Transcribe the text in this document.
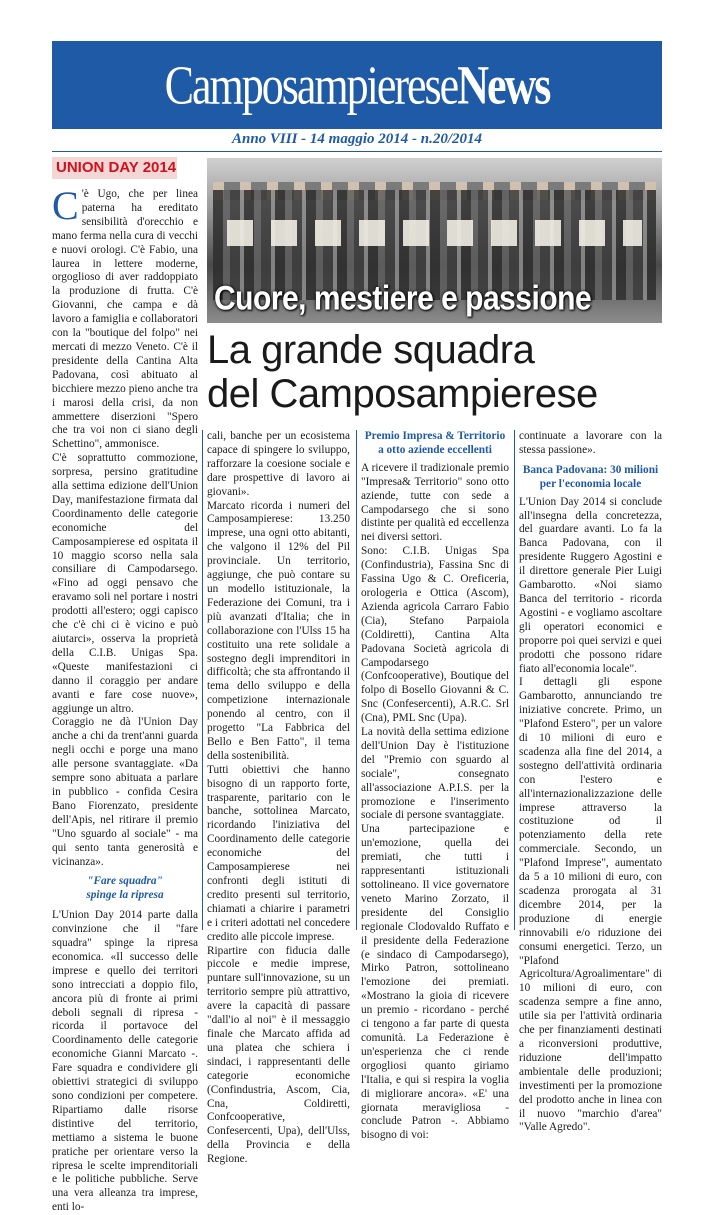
Camposampierese News
Anno VIII - 14 maggio 2014 - n.20/2014
UNION DAY 2014
Cuore, mestiere e passione
La grande squadra
del Camposampierese

C 'è Ugo, che per linea paterna ha ereditato sensibilità d'orecchio e mano ferma nella cura di vecchi e nuovi orologi. C'è Fabio, una laurea in lettere moderne, orgoglioso di aver raddoppiato la produzione di frutta. C'è Giovanni, che campa e dà lavoro a famiglia e collaboratori con la "boutique del folpo" nei mercati di mezzo Veneto. C'è il presidente della Cantina Alta Padovana, così abituato al bicchiere mezzo pieno anche tra i marosi della crisi, da non ammettere diserzioni "Spero che tra voi non ci siano degli Schettino", ammonisce.

C'è soprattutto commozione, sorpresa, persino gratitudine alla settima edizione dell'Union Day, manifestazione firmata dal Coordinamento delle categorie economiche del Camposampierese ed ospitata il 10 maggio scorso nella sala consiliare di Campodarsego. «Fino ad oggi pensavo che eravamo soli nel portare i nostri prodotti all'estero; oggi capisco che c'è chi ci è vicino e può aiutarci», osserva la proprietà della C.I.B. Unigas Spa. «Queste manifestazioni ci danno il coraggio per andare avanti e fare cose nuove», aggiunge un altro.

Coraggio ne dà l'Union Day anche a chi da trent'anni guarda negli occhi e porge una mano alle persone svantaggiate. «Da sempre sono abituata a parlare in pubblico - confida Cesira Bano Fiorenzato, presidente dell'Apis, nel ritirare il premio "Uno sguardo al sociale" - ma qui sento tanta generosità e vicinanza».

"Fare squadra"
spinge la ripresa

L'Union Day 2014 parte dalla convinzione che il "fare squadra" spinge la ripresa economica. «Il successo delle imprese e quello dei territori sono intrecciati a doppio filo, ancora più di fronte ai primi deboli segnali di ripresa - ricorda il portavoce del Coordinamento delle categorie economiche Gianni Marcato -. Fare squadra e condividere gli obiettivi strategici di sviluppo sono condizioni per competere. Ripartiamo dalle risorse distintive del territorio, mettiamo a sistema le buone pratiche per orientare verso la ripresa le scelte imprenditoriali e le politiche pubbliche. Serve una vera alleanza tra imprese, enti lo-

cali, banche per un ecosistema capace di spingere lo sviluppo, rafforzare la coesione sociale e dare prospettive di lavoro ai giovani».

Marcato ricorda i numeri del Camposampierese: 13.250 imprese, una ogni otto abitanti, che valgono il 12% del Pil provinciale. Un territorio, aggiunge, che può contare su un modello istituzionale, la Federazione dei Comuni, tra i più avanzati d'Italia; che in collaborazione con l'Ulss 15 ha costituito una rete solidale a sostegno degli imprenditori in difficoltà; che sta affrontando il tema dello sviluppo e della competizione internazionale ponendo al centro, con il progetto "La Fabbrica del Bello e Ben Fatto", il tema della sostenibilità.

Tutti obiettivi che hanno bisogno di un rapporto forte, trasparente, paritario con le banche, sottolinea Marcato, ricordando l'iniziativa del Coordinamento delle categorie economiche del Camposampierese nei confronti degli istituti di credito presenti sul territorio, chiamati a chiarire i parametri e i criteri adottati nel concedere credito alle piccole imprese.

Ripartire con fiducia dalle piccole e medie imprese, puntare sull'innovazione, su un territorio sempre più attrattivo, avere la capacità di passare "dall'io al noi" è il messaggio finale che Marcato affida ad una platea che schiera i sindaci, i rappresentanti delle categorie economiche (Confindustria, Ascom, Cia, Cna, Coldiretti, Confcooperative, Confesercenti, Upa), dell'Ulss, della Provincia e della Regione.

Premio Impresa & Territorio
a otto aziende eccellenti

A ricevere il tradizionale premio "Impresa& Territorio" sono otto aziende, tutte con sede a Campodarsego che si sono distinte per qualità ed eccellenza nei diversi settori.

Sono: C.I.B. Unigas Spa (Confindustria), Fassina Snc di Fassina Ugo & C. Oreficeria, orologeria e Ottica (Ascom), Azienda agricola Carraro Fabio (Cia), Stefano Parpaiola (Coldiretti), Cantina Alta Padovana Società agricola di Campodarsego (Confcooperative), Boutique del folpo di Bosello Giovanni & C. Snc (Confesercenti), A.R.C. Srl (Cna), PML Snc (Upa).

La novità della settima edizione dell'Union Day è l'istituzione del "Premio con sguardo al sociale", consegnato all'associazione A.P.I.S. per la promozione e l'inserimento sociale di persone svantaggiate.

Una partecipazione e un'emozione, quella dei premiati, che tutti i rappresentanti istituzionali sottolineano. Il vice governatore veneto Marino Zorzato, il presidente del Consiglio regionale Clodovaldo Ruffato e il presidente della Federazione (e sindaco di Campodarsego), Mirko Patron, sottolineano l'emozione dei premiati. «Mostrano la gioia di ricevere un premio - ricordano - perché ci tengono a far parte di questa comunità. La Federazione è un'esperienza che ci rende orgogliosi quanto giriamo l'Italia, e qui si respira la voglia di migliorare ancora». «E' una giornata meravigliosa - conclude Patron -. Abbiamo bisogno di voi:

continuate a lavorare con la stessa passione».

Banca Padovana: 30 milioni
per l'economia locale

L'Union Day 2014 si conclude all'insegna della concretezza, del guardare avanti. Lo fa la Banca Padovana, con il presidente Ruggero Agostini e il direttore generale Pier Luigi Gambarotto. «Noi siamo Banca del territorio - ricorda Agostini - e vogliamo ascoltare gli operatori economici e proporre poi quei servizi e quei prodotti che possono ridare fiato all'economia locale".

I dettagli gli espone Gambarotto, annunciando tre iniziative concrete. Primo, un "Plafond Estero", per un valore di 10 milioni di euro e scadenza alla fine del 2014, a sostegno dell'attività ordinaria con l'estero e all'internazionalizzazione delle imprese attraverso la costituzione od il potenziamento della rete commerciale. Secondo, un "Plafond Imprese", aumentato da 5 a 10 milioni di euro, con scadenza prorogata al 31 dicembre 2014, per la produzione di energie rinnovabili e/o riduzione dei consumi energetici. Terzo, un "Plafond Agricoltura/Agroalimentare" di 10 milioni di euro, con scadenza sempre a fine anno, utile sia per l'attività ordinaria che per finanziamenti destinati a riconversioni produttive, riduzione dell'impatto ambientale delle produzioni; investimenti per la promozione del prodotto anche in linea con il nuovo "marchio d'area" "Valle Agredo".
